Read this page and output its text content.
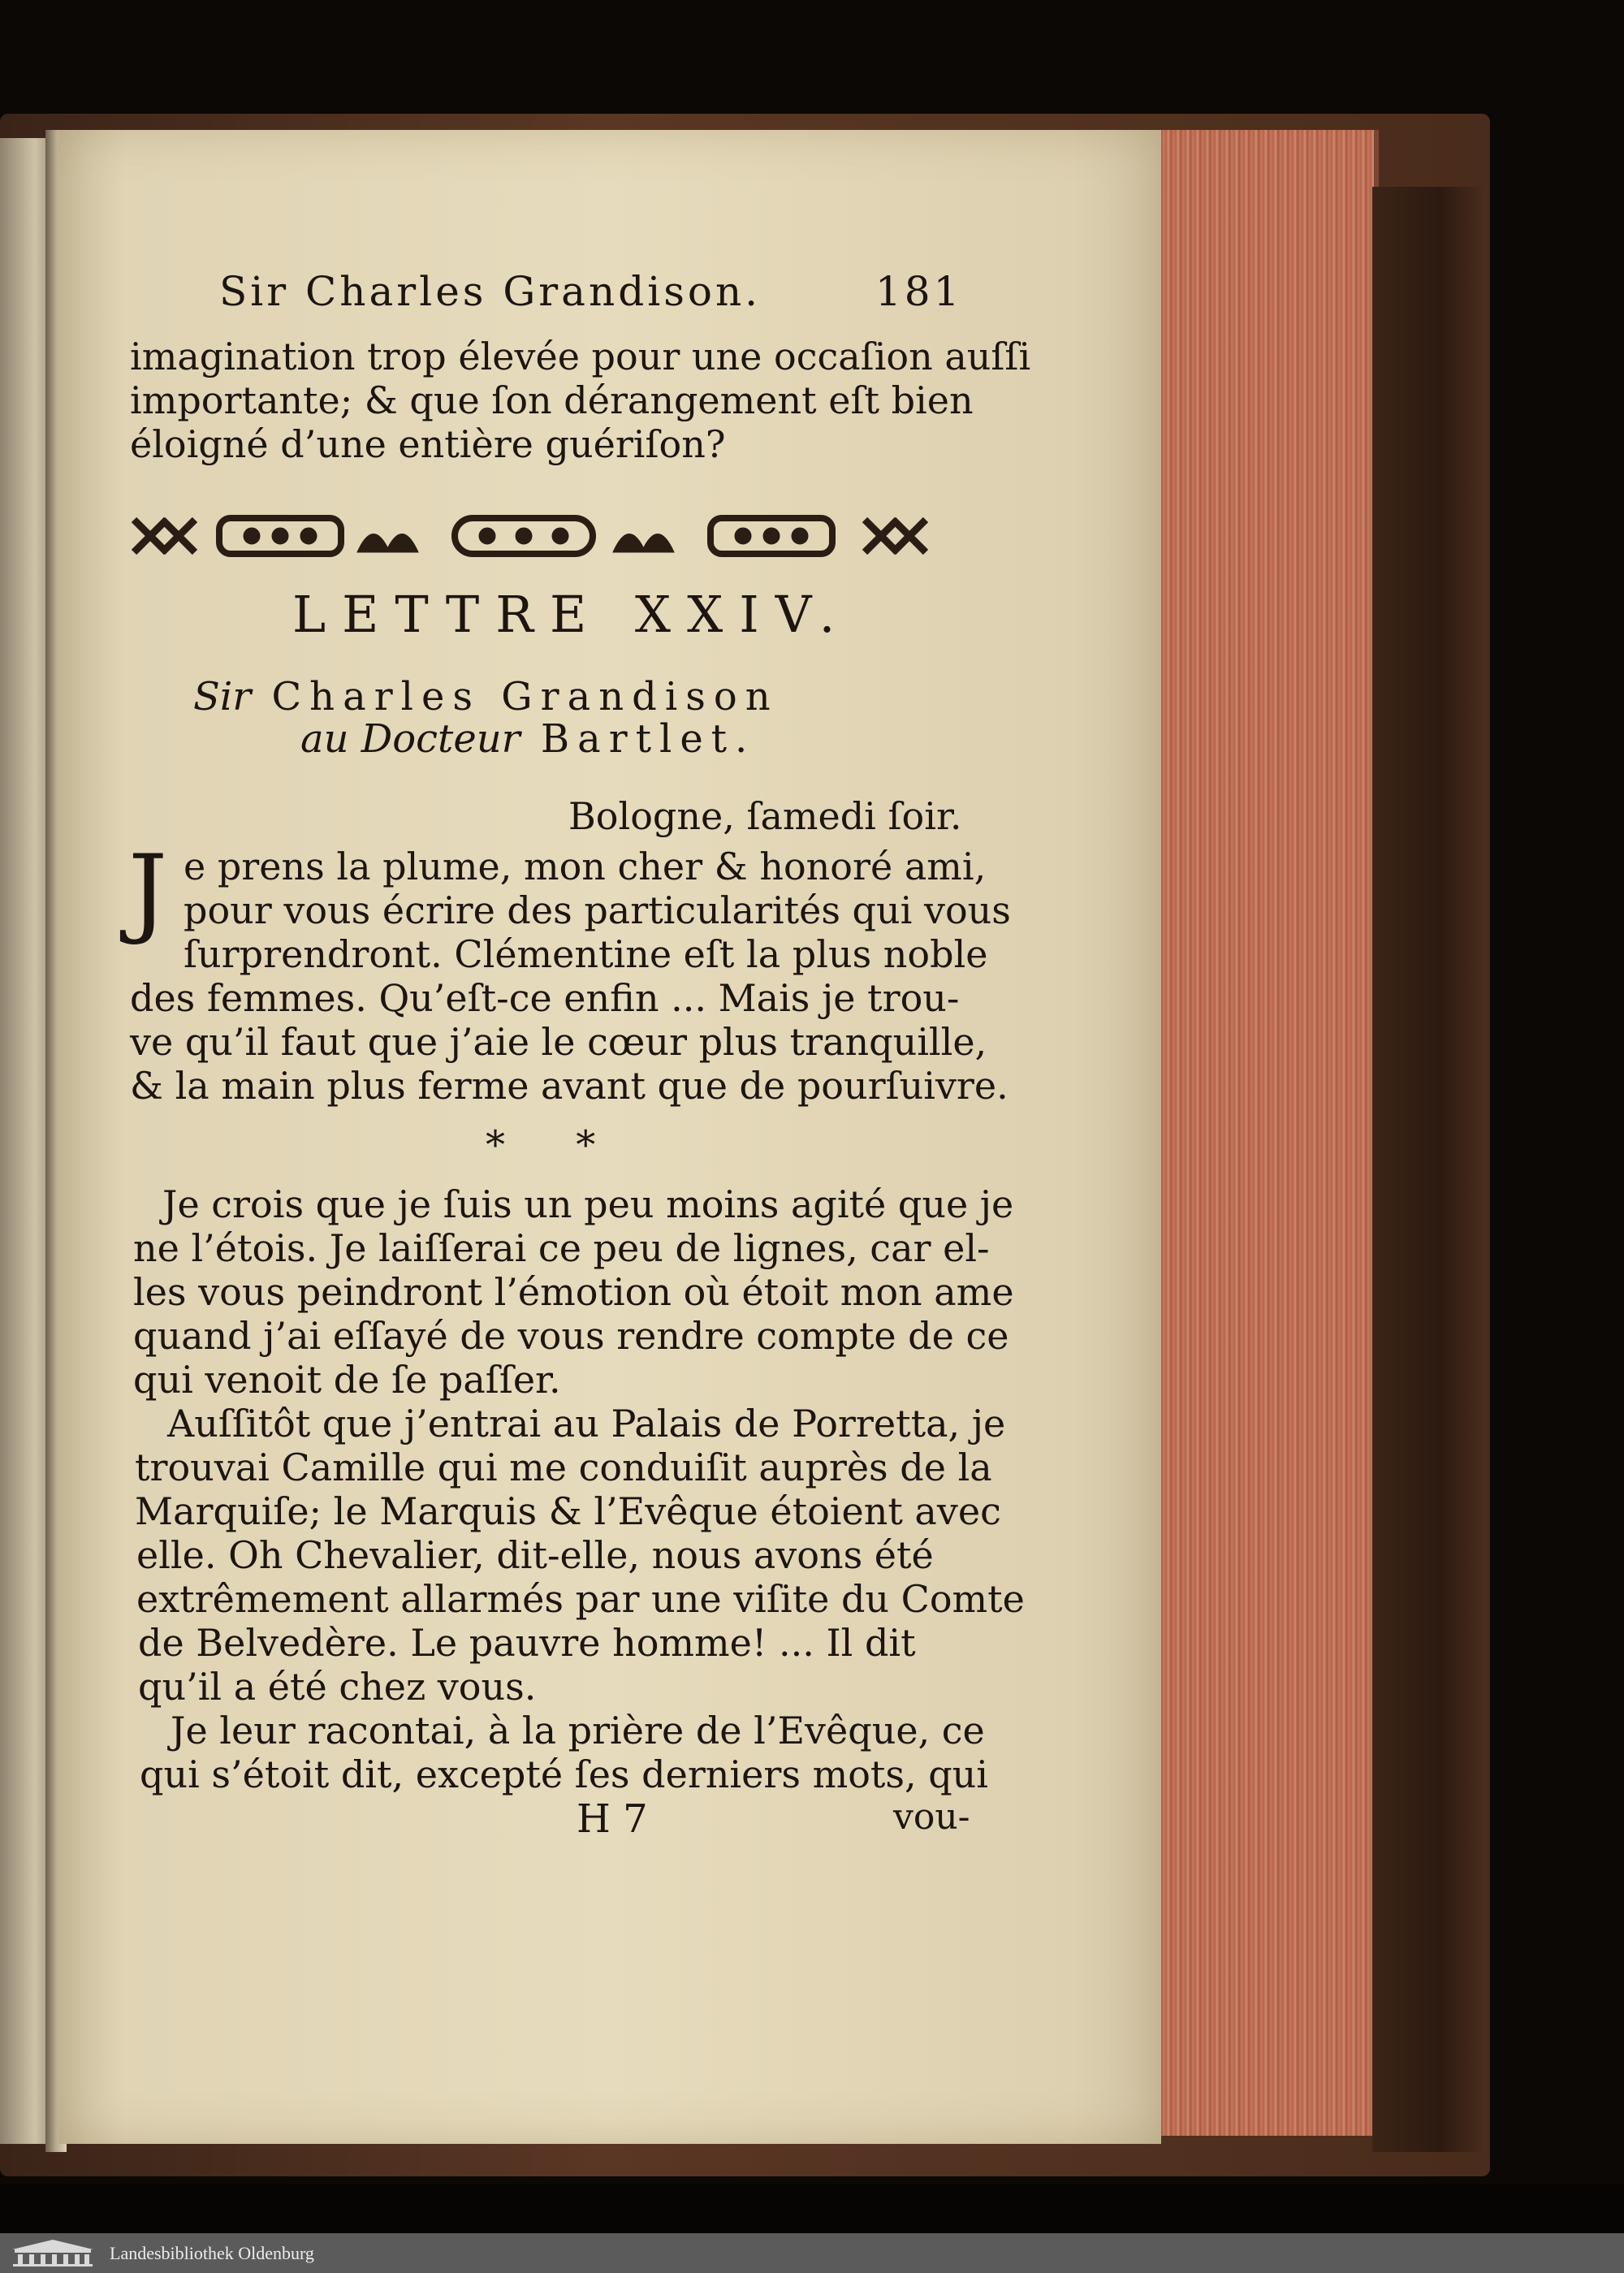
Sir Charles Grandison.	181
imagination trop élevée pour une occaſion auſſi
importante; & que ſon dérangement eſt bien
éloigné d’une entière guériſon?
LETTRE XXIV.
Sir Charles Grandison
au Docteur Bartlet.
Bologne, ſamedi ſoir.
J e prens la plume, mon cher & honoré ami,
pour vous écrire des particularités qui vous
ſurprendront. Clémentine eſt la plus noble
des femmes. Qu’eſt-ce enfin ... Mais je trou-
ve qu’il faut que j’aie le cœur plus tranquille,
& la main plus ferme avant que de pourſuivre.
* *
Je crois que je ſuis un peu moins agité que je
ne l’étois. Je laiſſerai ce peu de lignes, car el-
les vous peindront l’émotion où étoit mon ame
quand j’ai eſſayé de vous rendre compte de ce
qui venoit de ſe paſſer.
Auſſitôt que j’entrai au Palais de Porretta, je
trouvai Camille qui me conduiſit auprès de la
Marquiſe; le Marquis & l’Evêque étoient avec
elle. Oh Chevalier, dit-elle, nous avons été
extrêmement allarmés par une viſite du Comte
de Belvedère. Le pauvre homme! ... Il dit
qu’il a été chez vous.
Je leur racontai, à la prière de l’Evêque, ce
qui s’étoit dit, excepté ſes derniers mots, qui
H 7	vou-
Landesbibliothek Oldenburg
